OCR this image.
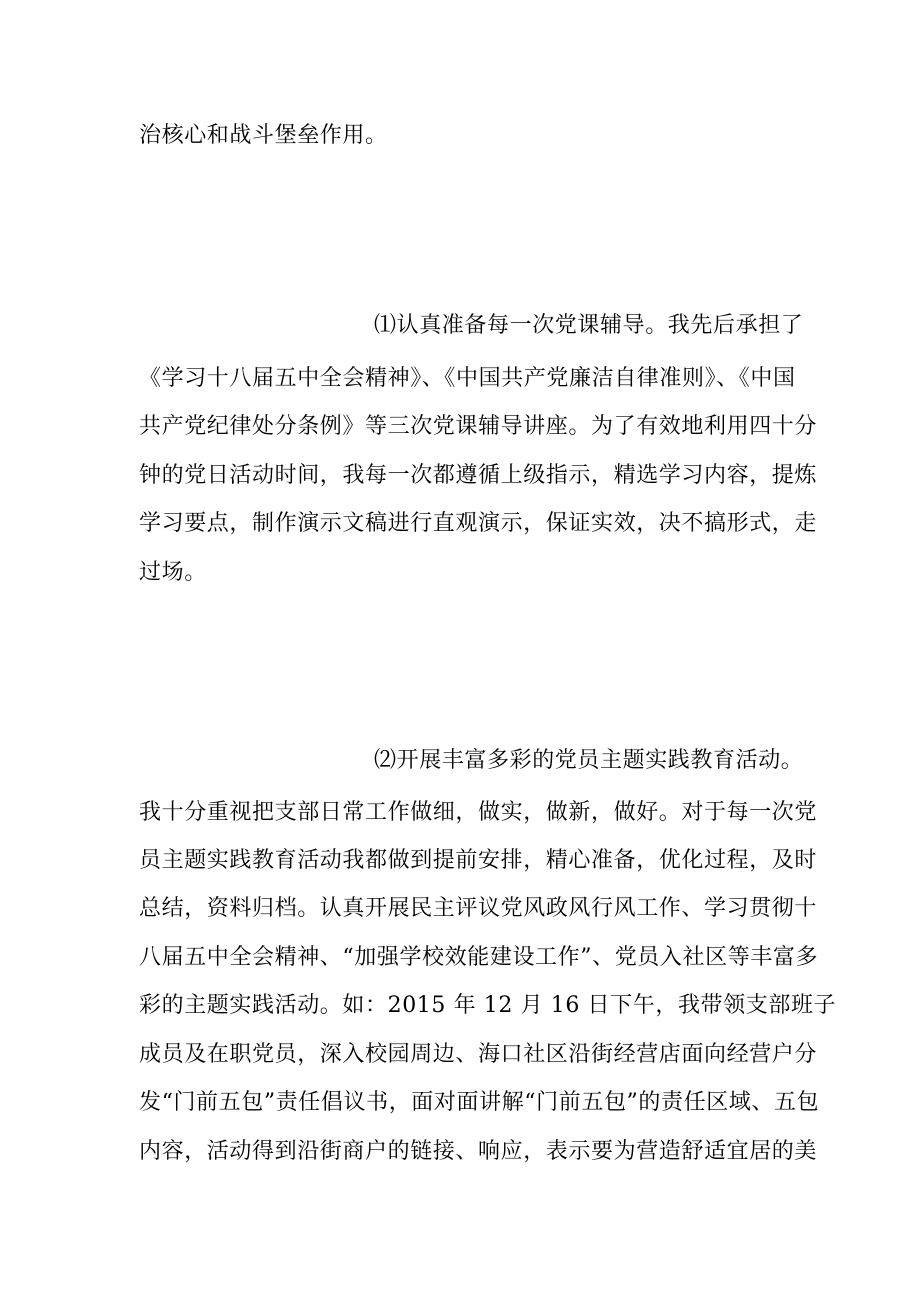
治核心和战斗堡垒作用。

⑴认真准备每一次党课辅导。我先后承担了

《学习十八届五中全会精神》、《中国共产党廉洁自律准则》、《中国

共产党纪律处分条例》等三次党课辅导讲座。为了有效地利用四十分

钟的党日活动时间，我每一次都遵循上级指示，精选学习内容，提炼

学习要点，制作演示文稿进行直观演示，保证实效，决不搞形式，走

过场。

⑵开展丰富多彩的党员主题实践教育活动。

我十分重视把支部日常工作做细，做实，做新，做好。对于每一次党

员主题实践教育活动我都做到提前安排，精心准备，优化过程，及时

总结，资料归档。认真开展民主评议党风政风行风工作、学习贯彻十

八届五中全会精神、“加强学校效能建设工作”、党员入社区等丰富多

彩的主题实践活动。如：2015 年 12 月 16 日下午，我带领支部班子

成员及在职党员，深入校园周边、海口社区沿街经营店面向经营户分

发“门前五包”责任倡议书，面对面讲解“门前五包”的责任区域、五包

内容，活动得到沿街商户的链接、响应，表示要为营造舒适宜居的美
